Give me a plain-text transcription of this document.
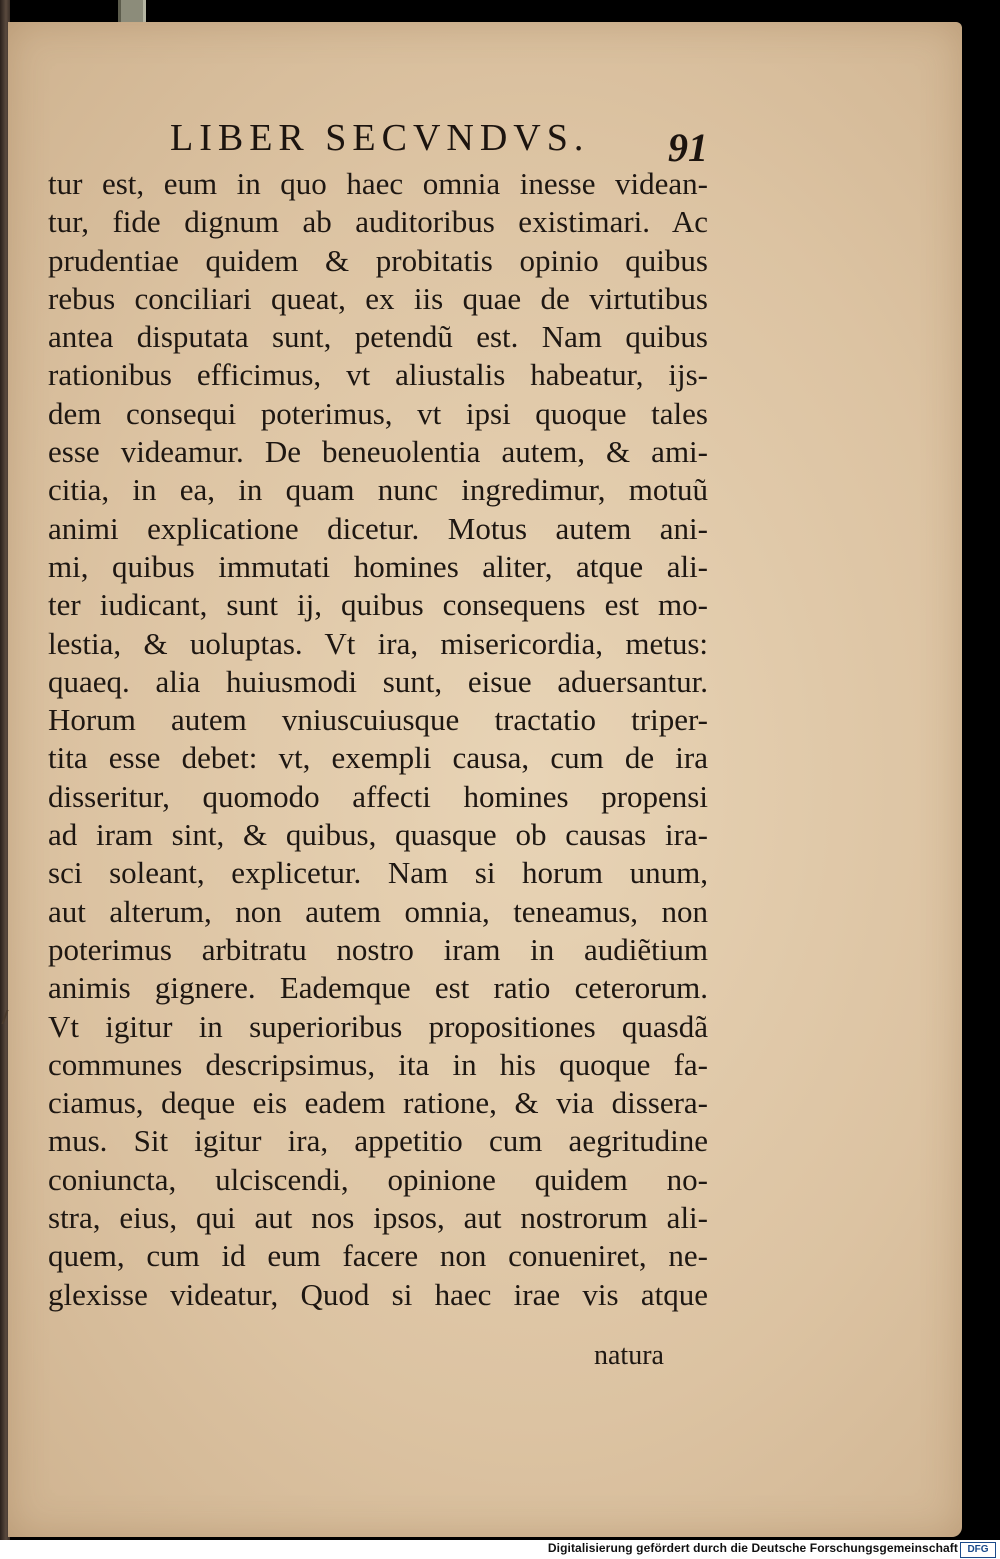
LIBER SECVNDVS. 91
tur est, eum in quo haec omnia inesse videan-
tur, fide dignum ab auditoribus existimari. Ac
prudentiae quidem & probitatis opinio quibus
rebus conciliari queat, ex iis quae de virtutibus
antea disputata sunt, petendũ est. Nam quibus
rationibus efficimus, vt aliustalis habeatur, ijs-
dem consequi poterimus, vt ipsi quoque tales
esse videamur. De beneuolentia autem, & ami-
citia, in ea, in quam nunc ingredimur, motuũ
animi explicatione dicetur. Motus autem ani-
mi, quibus immutati homines aliter, atque ali-
ter iudicant, sunt ij, quibus consequens est mo-
lestia, & uoluptas. Vt ira, misericordia, metus:
quaeq. alia huiusmodi sunt, eisue aduersantur.
Horum autem vniuscuiusque tractatio triper-
tita esse debet: vt, exempli causa, cum de ira
disseritur, quomodo affecti homines propensi
ad iram sint, & quibus, quasque ob causas ira-
sci soleant, explicetur. Nam si horum unum,
aut alterum, non autem omnia, teneamus, non
poterimus arbitratu nostro iram in audiẽtium
animis gignere. Eademque est ratio ceterorum.
Vt igitur in superioribus propositiones quasdã
communes descripsimus, ita in his quoque fa-
ciamus, deque eis eadem ratione, & via dissera-
mus. Sit igitur ira, appetitio cum aegritudine
coniuncta, ulciscendi, opinione quidem no-
stra, eius, qui aut nos ipsos, aut nostrorum ali-
quem, cum id eum facere non conueniret, ne-
glexisse videatur, Quod si haec irae vis atque
natura
Digitalisierung gefördert durch die Deutsche Forschungsgemeinschaft DFG
